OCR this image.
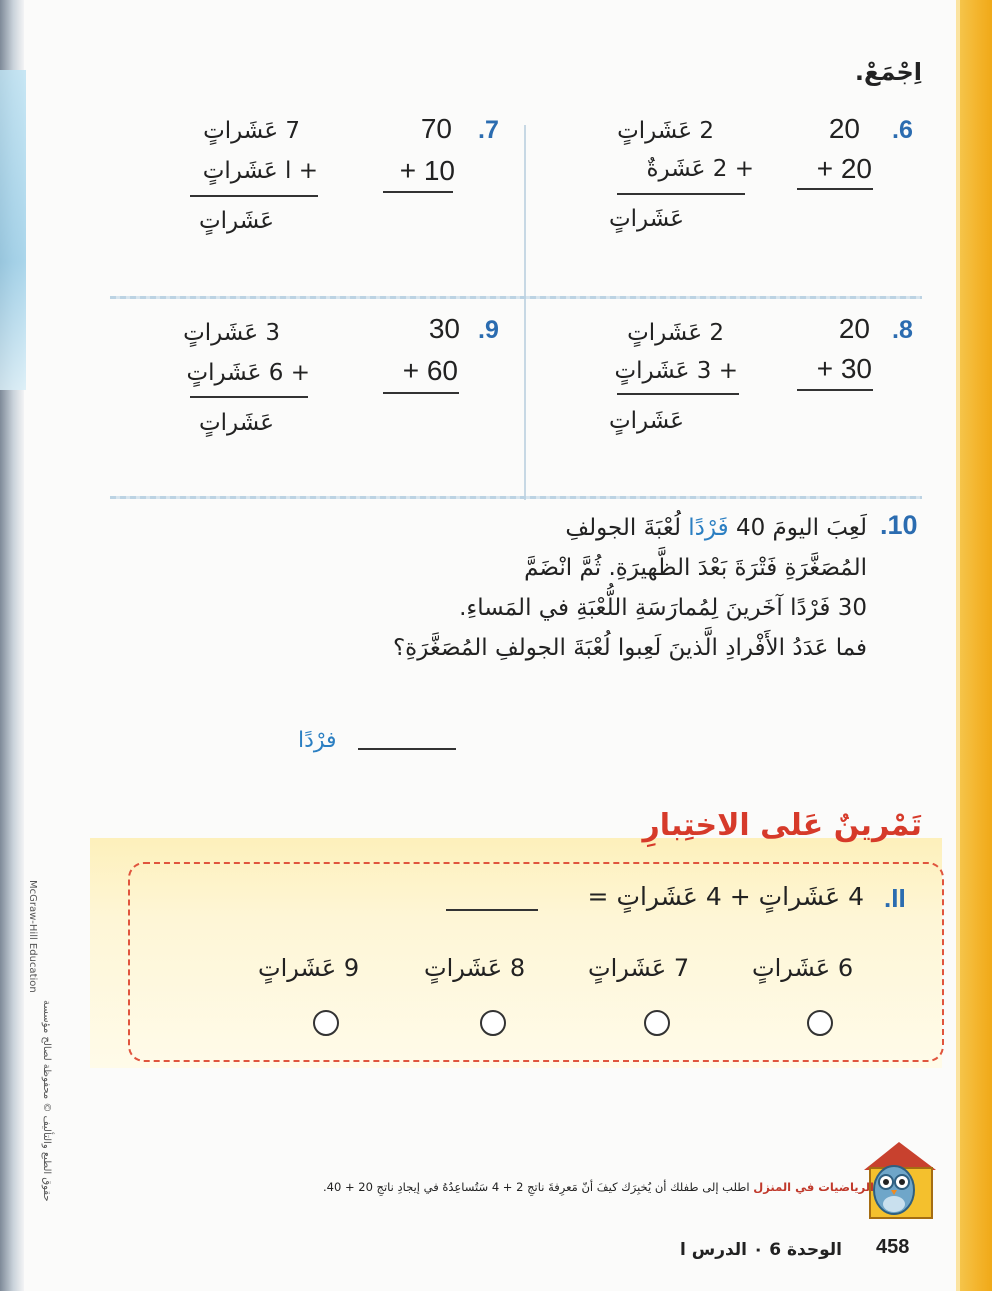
اِجْمَعْ.
.6
20
+ 20
2 عَشَراتٍ
+ 2 عَشَرةٌ
عَشَراتٍ
.7
70
+ 10
7 عَشَراتٍ
+ ا عَشَراتٍ
عَشَراتٍ
.8
20
+ 30
2 عَشَراتٍ
+ 3 عَشَراتٍ
عَشَراتٍ
.9
30
+ 60
3 عَشَراتٍ
+ 6 عَشَراتٍ
عَشَراتٍ
.10
لَعِبَ اليومَ 40 فَرْدًا لُعْبَةَ الجولفِ
المُصَغَّرَةِ فَتْرَةَ بَعْدَ الظَّهيرَةِ. ثُمَّ انْضَمَّ
30 فَرْدًا آخَرينَ لِمُمارَسَةِ اللُّعْبَةِ في المَساءِ.
فما عَدَدُ الأَفْرادِ الَّذينَ لَعِبوا لُعْبَةَ الجولفِ المُصَغَّرَةِ؟
فرْدًا
تَمْرينٌ عَلى الاختِبارِ
.II
4 عَشَراتٍ + 4 عَشَراتٍ =
6 عَشَراتٍ
7 عَشَراتٍ
8 عَشَراتٍ
9 عَشَراتٍ
الرياضيات في المنزل اطلب إلى طفلك أن يُخبِرَك كيفَ أنّ مَعرِفةَ ناتجِ 2 + 4 سَتُساعِدُهُ في إيجادِ ناتجِ 20 + 40.
الوحدة 6 ٠ الدرس ا 458
McGraw-Hill Education
حقوق الطبع والتأليف © محفوظة لصالح مؤسسة
